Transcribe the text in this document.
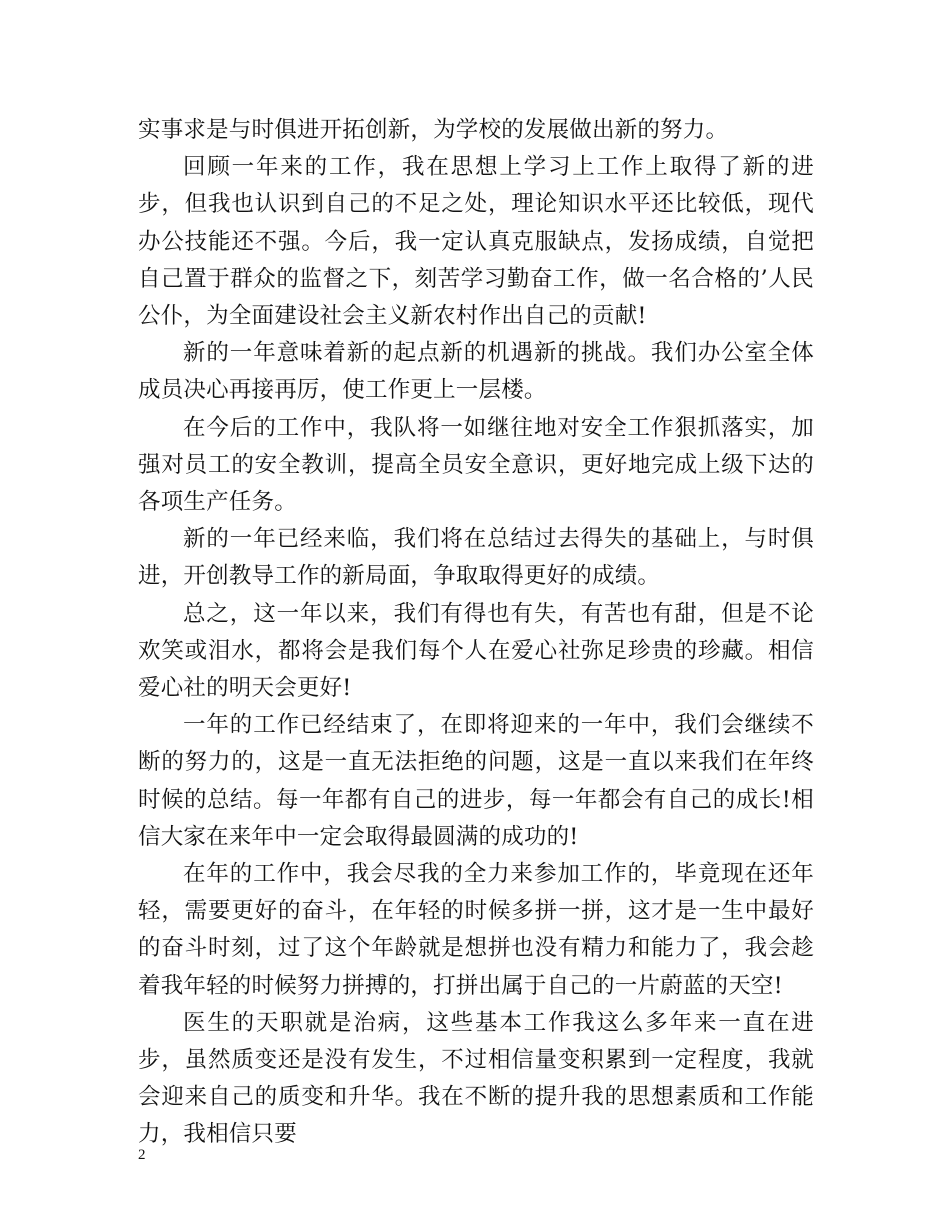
实事求是与时俱进开拓创新，为学校的发展做出新的努力。

回顾一年来的工作，我在思想上学习上工作上取得了新的进步，但我也认识到自己的不足之处，理论知识水平还比较低，现代办公技能还不强。今后，我一定认真克服缺点，发扬成绩，自觉把自己置于群众的监督之下，刻苦学习勤奋工作，做一名合格的’人民公仆，为全面建设社会主义新农村作出自己的贡献!

新的一年意味着新的起点新的机遇新的挑战。我们办公室全体成员决心再接再厉，使工作更上一层楼。

在今后的工作中，我队将一如继往地对安全工作狠抓落实，加强对员工的安全教训，提高全员安全意识，更好地完成上级下达的各项生产任务。

新的一年已经来临，我们将在总结过去得失的基础上，与时俱进，开创教导工作的新局面，争取取得更好的成绩。

总之，这一年以来，我们有得也有失，有苦也有甜，但是不论欢笑或泪水，都将会是我们每个人在爱心社弥足珍贵的珍藏。相信爱心社的明天会更好!

一年的工作已经结束了，在即将迎来的一年中，我们会继续不断的努力的，这是一直无法拒绝的问题，这是一直以来我们在年终时候的总结。每一年都有自己的进步，每一年都会有自己的成长!相信大家在来年中一定会取得最圆满的成功的!

在年的工作中，我会尽我的全力来参加工作的，毕竟现在还年轻，需要更好的奋斗，在年轻的时候多拼一拼，这才是一生中最好的奋斗时刻，过了这个年龄就是想拼也没有精力和能力了，我会趁着我年轻的时候努力拼搏的，打拼出属于自己的一片蔚蓝的天空!

医生的天职就是治病，这些基本工作我这么多年来一直在进步，虽然质变还是没有发生，不过相信量变积累到一定程度，我就会迎来自己的质变和升华。我在不断的提升我的思想素质和工作能力，我相信只要

2
